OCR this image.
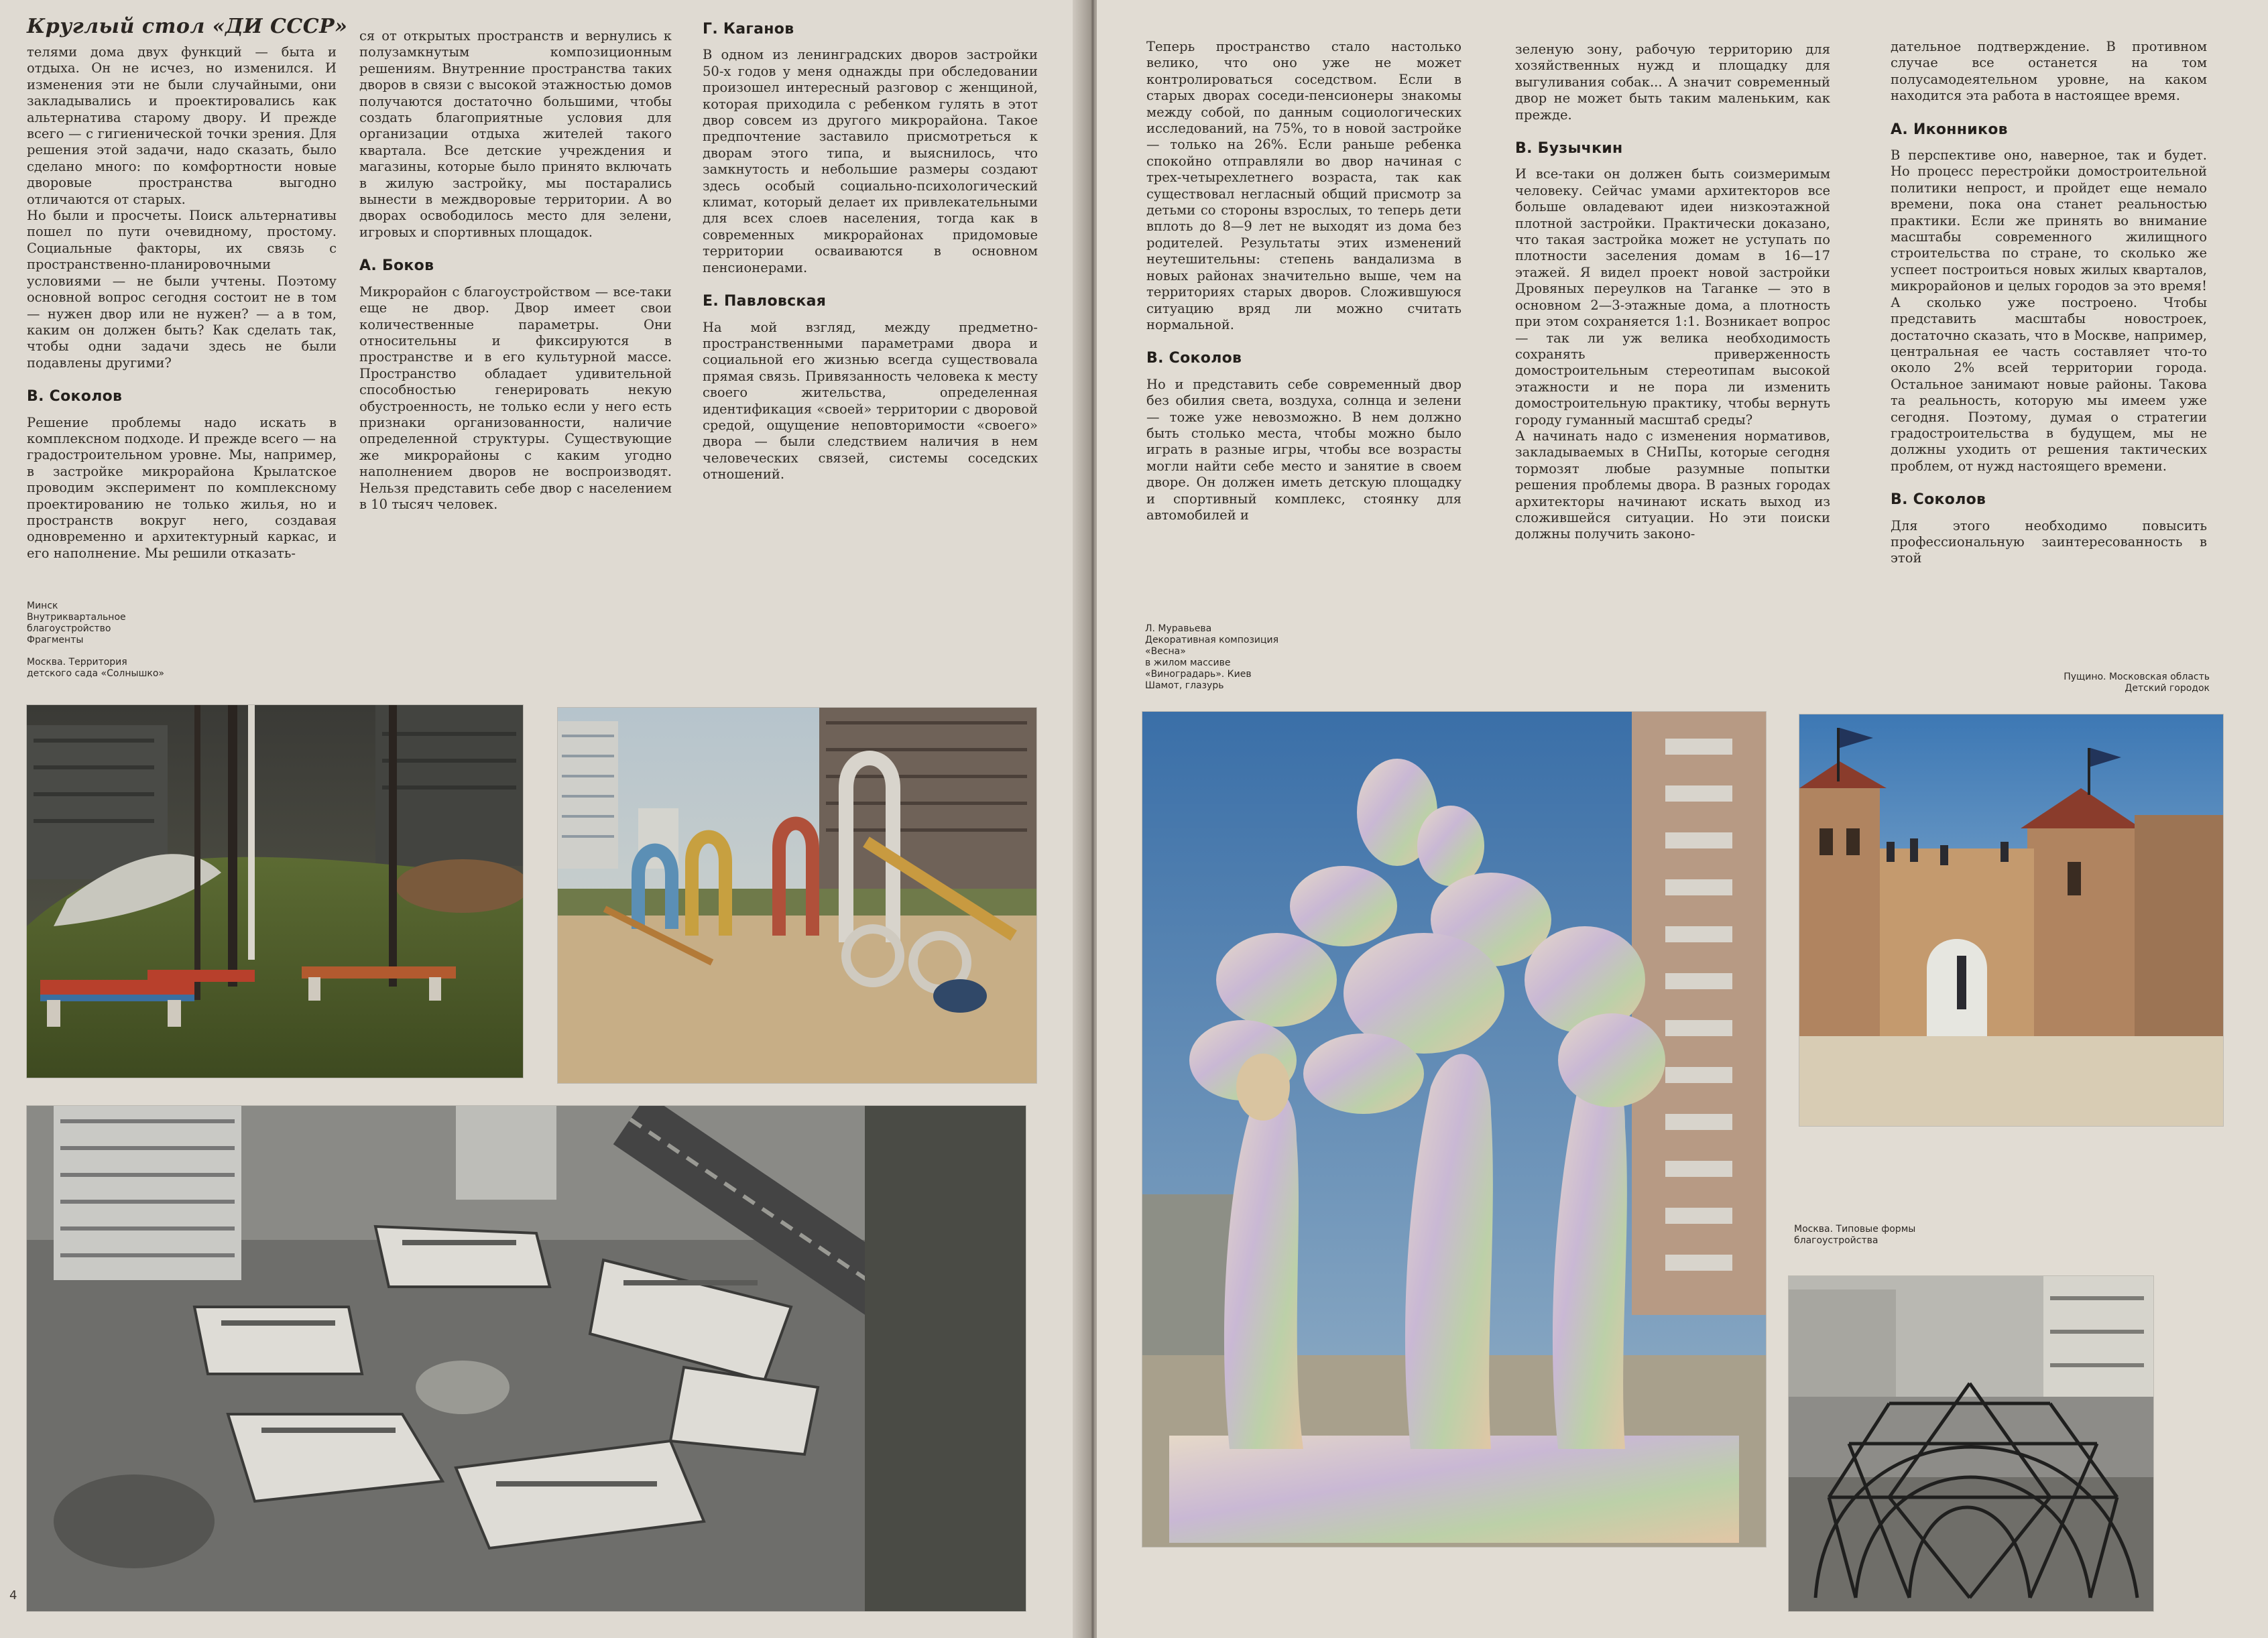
Круглый стол «ДИ СССР»

телями дома двух функций — быта и отдыха. Он не исчез, но изменился. И изменения эти не были случайными, они закладывались и проектировались как альтернатива старому двору. И прежде всего — с гигиенической точки зрения. Для решения этой задачи, надо сказать, было сделано много: по комфортности новые дворовые пространства выгодно отличаются от старых.

Но были и просчеты. Поиск альтернативы пошел по пути очевидному, простому. Социальные факторы, их связь с пространственно-планировочными условиями — не были учтены. Поэтому основной вопрос сегодня состоит не в том — нужен двор или не нужен? — а в том, каким он должен быть? Как сделать так, чтобы одни задачи здесь не были подавлены другими?

В. Соколов

Решение проблемы надо искать в комплексном подходе. И прежде всего — на градостроительном уровне. Мы, например, в застройке микрорайона Крылатское проводим эксперимент по комплексному проектированию не только жилья, но и пространств вокруг него, создавая одновременно и архитектурный каркас, и его наполнение. Мы решили отказать-

ся от открытых пространств и вернулись к полузамкнутым композиционным решениям. Внутренние пространства таких дворов в связи с высокой этажностью домов получаются достаточно большими, чтобы создать благоприятные условия для организации отдыха жителей такого квартала. Все детские учреждения и магазины, которые было принято включать в жилую застройку, мы постарались вынести в междворовые территории. А во дворах освободилось место для зелени, игровых и спортивных площадок.

А. Боков

Микрорайон с благоустройством — все-таки еще не двор. Двор имеет свои количественные параметры. Они относительны и фиксируются в пространстве и в его культурной массе. Пространство обладает удивительной способностью генерировать некую обустроенность, не только если у него есть признаки организованности, наличие определенной структуры. Существующие же микрорайоны с каким угодно наполнением дворов не воспроизводят. Нельзя представить себе двор с населением в 10 тысяч человек.

Г. Каганов

В одном из ленинградских дворов застройки 50-х годов у меня однажды при обследовании произошел интересный разговор с женщиной, которая приходила с ребенком гулять в этот двор совсем из другого микрорайона. Такое предпочтение заставило присмотреться к дворам этого типа, и выяснилось, что замкнутость и небольшие размеры создают здесь особый социально-психологический климат, который делает их привлекательными для всех слоев населения, тогда как в современных микрорайонах придомовые территории осваиваются в основном пенсионерами.

Е. Павловская

На мой взгляд, между предметно-пространственными параметрами двора и социальной его жизнью всегда существовала прямая связь. Привязанность человека к месту своего жительства, определенная идентификация «своей» территории с дворовой средой, ощущение неповторимости «своего» двора — были следствием наличия в нем человеческих связей, системы соседских отношений.

Минск

Внутриквартальное

благоустройство

Фрагменты

Москва. Территория

детского сада «Солнышко»

4

Теперь пространство стало настолько велико, что оно уже не может контролироваться соседством. Если в старых дворах соседи-пенсионеры знакомы между собой, по данным социологических исследований, на 75%, то в новой застройке — только на 26%. Если раньше ребенка спокойно отправляли во двор начиная с трех-четырехлетнего возраста, так как существовал негласный общий присмотр за детьми со стороны взрослых, то теперь дети вплоть до 8—9 лет не выходят из дома без родителей. Результаты этих изменений неутешительны: степень вандализма в новых районах значительно выше, чем на территориях старых дворов. Сложившуюся ситуацию вряд ли можно считать нормальной.

В. Соколов

Но и представить себе современный двор без обилия света, воздуха, солнца и зелени — тоже уже невозможно. В нем должно быть столько места, чтобы можно было играть в разные игры, чтобы все возрасты могли найти себе место и занятие в своем дворе. Он должен иметь детскую площадку и спортивный комплекс, стоянку для автомобилей и

зеленую зону, рабочую территорию для хозяйственных нужд и площадку для выгуливания собак... А значит современный двор не может быть таким маленьким, как прежде.

В. Бузычкин

И все-таки он должен быть соизмеримым человеку. Сейчас умами архитекторов все больше овладевают идеи низкоэтажной плотной застройки. Практически доказано, что такая застройка может не уступать по плотности заселения домам в 16—17 этажей. Я видел проект новой застройки Дровяных переулков на Таганке — это в основном 2—3-этажные дома, а плотность при этом сохраняется 1:1. Возникает вопрос — так ли уж велика необходимость сохранять приверженность домостроительным стереотипам высокой этажности и не пора ли изменить домостроительную практику, чтобы вернуть городу гуманный масштаб среды?

А начинать надо с изменения нормативов, закладываемых в СНиПы, которые сегодня тормозят любые разумные попытки решения проблемы двора. В разных городах архитекторы начинают искать выход из сложившейся ситуации. Но эти поиски должны получить законо-

дательное подтверждение. В противном случае все останется на том полусамодеятельном уровне, на каком находится эта работа в настоящее время.

А. Иконников

В перспективе оно, наверное, так и будет. Но процесс перестройки домостроительной политики непрост, и пройдет еще немало времени, пока она станет реальностью практики. Если же принять во внимание масштабы современного жилищного строительства по стране, то сколько же успеет построиться новых жилых кварталов, микрорайонов и целых городов за это время! А сколько уже построено. Чтобы представить масштабы новостроек, достаточно сказать, что в Москве, например, центральная ее часть составляет что-то около 2% всей территории города. Остальное занимают новые районы. Такова та реальность, которую мы имеем уже сегодня. Поэтому, думая о стратегии градостроительства в будущем, мы не должны уходить от решения тактических проблем, от нужд настоящего времени.

В. Соколов

Для этого необходимо повысить профессиональную заинтересованность в этой

Л. Муравьева

Декоративная композиция

«Весна»

в жилом массиве

«Виноградарь». Киев

Шамот, глазурь

Пущино. Московская область

Детский городок

Москва. Типовые формы

благоустройства
